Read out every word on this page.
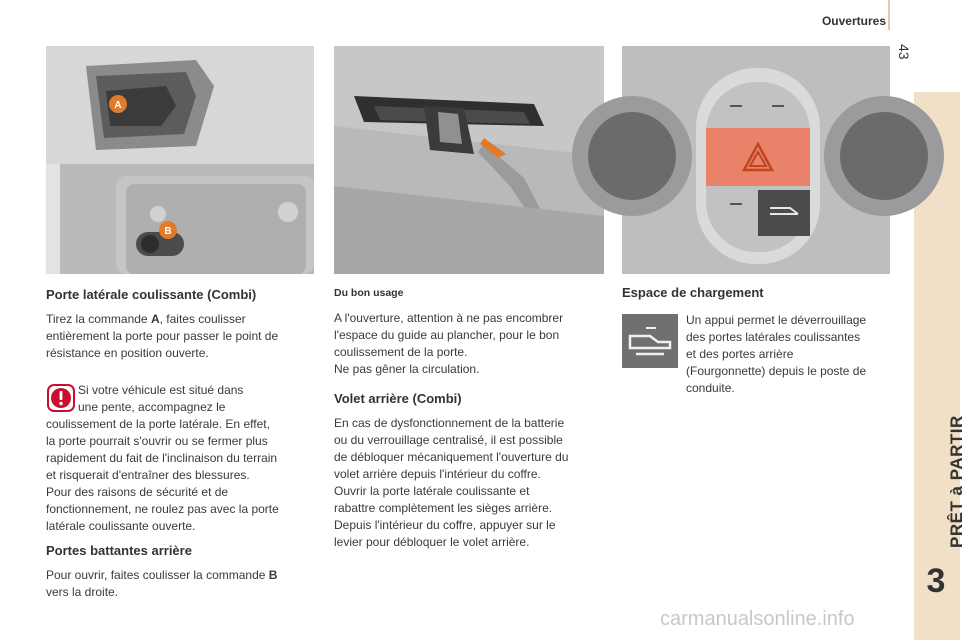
Ouvertures
43
PRÊT à PARTIR
3
A
B
Porte latérale coulissante (Combi)
Tirez la commande A, faites coulisser
entièrement la porte pour passer le point de
résistance en position ouverte.
Si votre véhicule est situé dans
une pente, accompagnez le
coulissement de la porte latérale. En effet,
la porte pourrait s'ouvrir ou se fermer plus
rapidement du fait de l'inclinaison du terrain
et risquerait d'entraîner des blessures.
Pour des raisons de sécurité et de
fonctionnement, ne roulez pas avec la porte
latérale coulissante ouverte.
Portes battantes arrière
Pour ouvrir, faites coulisser la commande B
vers la droite.
Du bon usage
A l'ouverture, attention à ne pas encombrer
l'espace du guide au plancher, pour le bon
coulissement de la porte.
Ne pas gêner la circulation.
Volet arrière (Combi)
En cas de dysfonctionnement de la batterie
ou du verrouillage centralisé, il est possible
de débloquer mécaniquement l'ouverture du
volet arrière depuis l'intérieur du coffre.
Ouvrir la porte latérale coulissante et
rabattre complètement les sièges arrière.
Depuis l'intérieur du coffre, appuyer sur le
levier pour débloquer le volet arrière.
Espace de chargement
Un appui permet le déverrouillage
des portes latérales coulissantes
et des portes arrière
(Fourgonnette) depuis le poste de
conduite.
carmanualsonline.info
